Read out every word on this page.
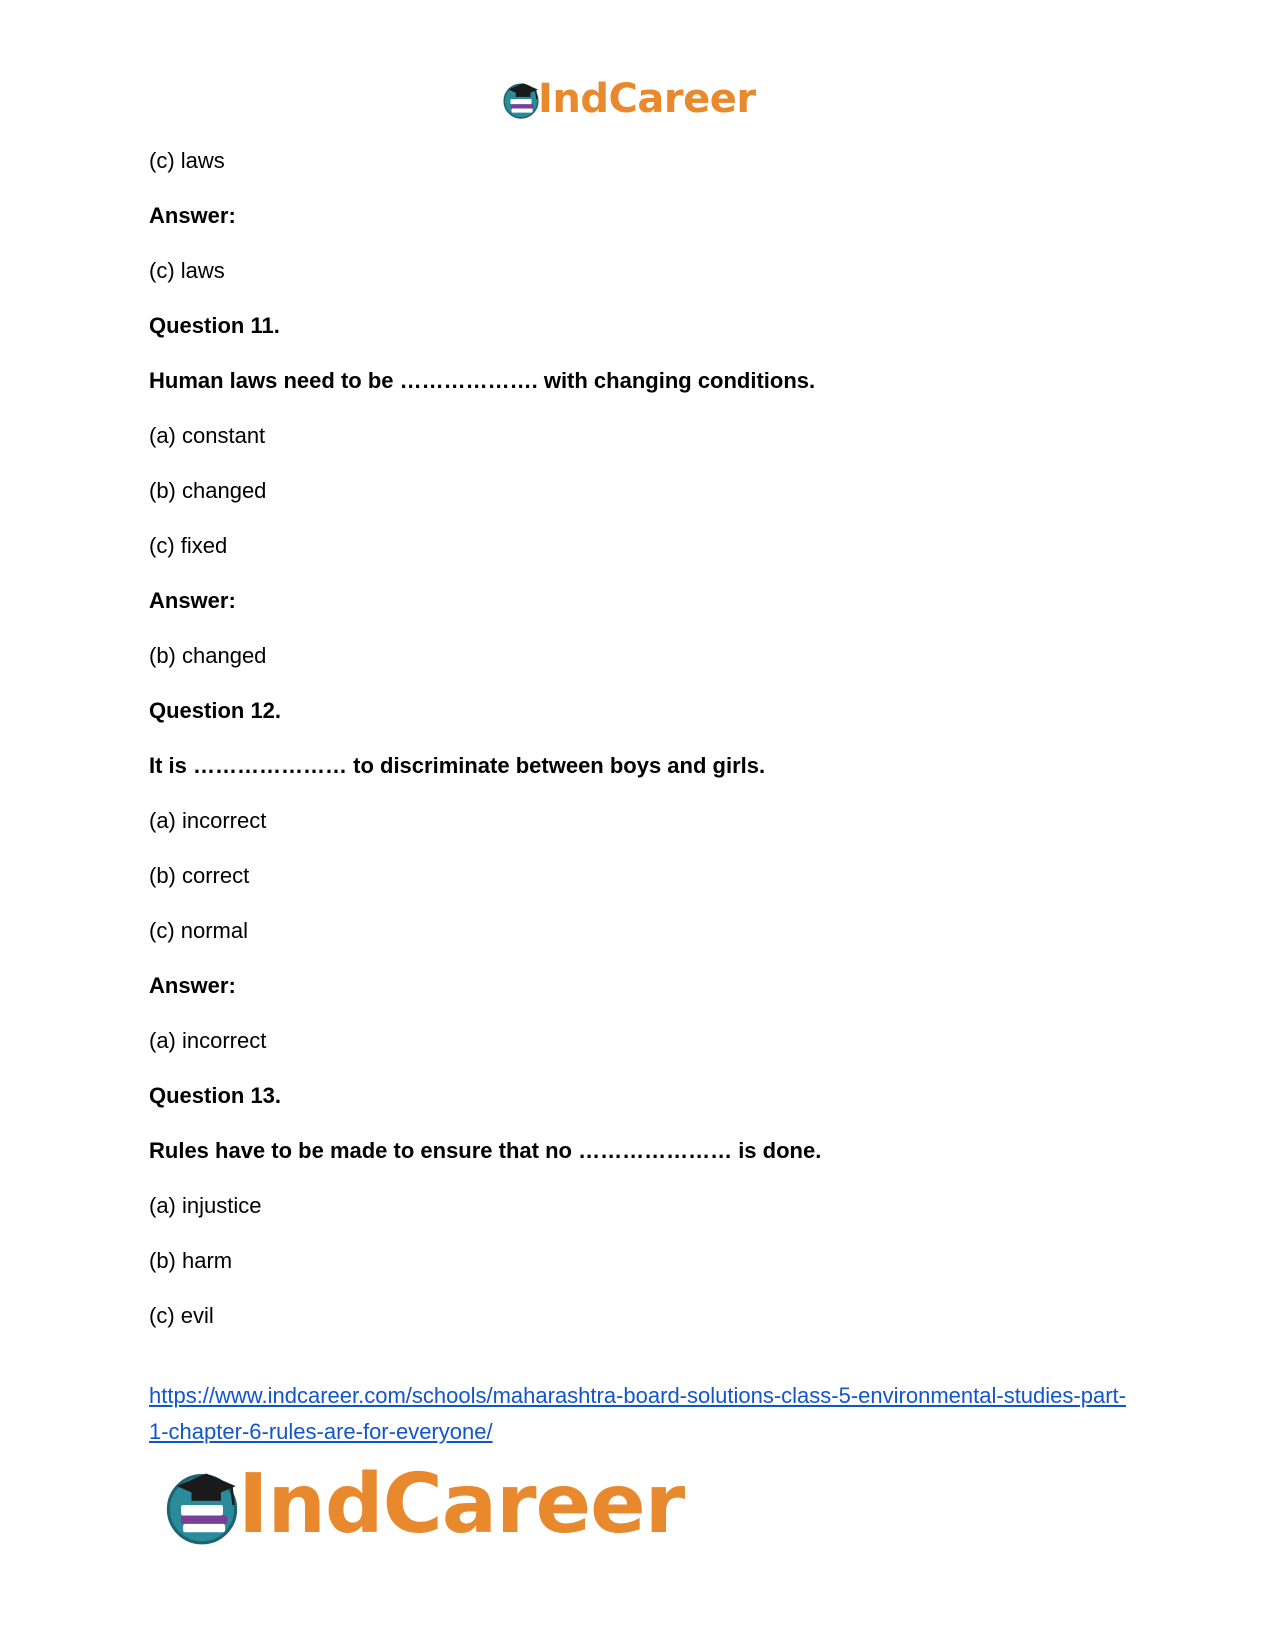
IndCareer
(c) laws
Answer:
(c) laws
Question 11.
Human laws need to be ………………. with changing conditions.
(a) constant
(b) changed
(c) fixed
Answer:
(b) changed
Question 12.
It is ………………… to discriminate between boys and girls.
(a) incorrect
(b) correct
(c) normal
Answer:
(a) incorrect
Question 13.
Rules have to be made to ensure that no ………………… is done.
(a) injustice
(b) harm
(c) evil
https://www.indcareer.com/schools/maharashtra-board-solutions-class-5-environmental-studies-part-1-chapter-6-rules-are-for-everyone/
IndCareer
